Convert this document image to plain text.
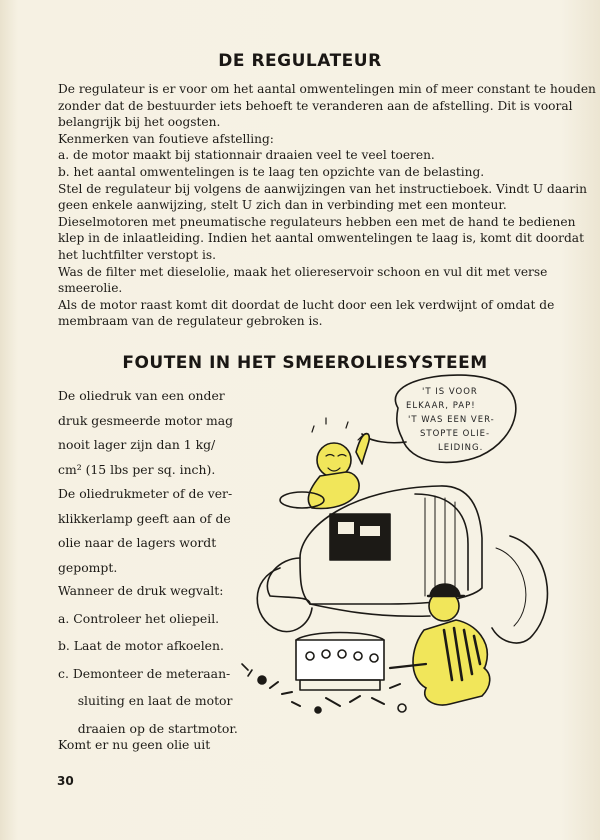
DE REGULATEUR
De regulateur is er voor om het aantal omwentelingen min of meer constant te houden
zonder dat de bestuurder iets behoeft te veranderen aan de afstelling. Dit is vooral
belangrijk bij het oogsten.
Kenmerken van foutieve afstelling:
a. de motor maakt bij stationnair draaien veel te veel toeren.
b. het aantal omwentelingen is te laag ten opzichte van de belasting.
Stel de regulateur bij volgens de aanwijzingen van het instructieboek. Vindt U daarin
geen enkele aanwijzing, stelt U zich dan in verbinding met een monteur.
Dieselmotoren met pneumatische regulateurs hebben een met de hand te bedienen
klep in de inlaatleiding. Indien het aantal omwentelingen te laag is, komt dit doordat
het luchtfilter verstopt is.
Was de filter met dieselolie, maak het oliereservoir schoon en vul dit met verse
smeerolie.
Als de motor raast komt dit doordat de lucht door een lek verdwijnt of omdat de
membraam van de regulateur gebroken is.
FOUTEN IN HET SMEEROLIESYSTEEM
De oliedruk van een onder
druk gesmeerde motor mag
nooit lager zijn dan 1 kg/
cm² (15 lbs per sq. inch).
De oliedrukmeter of de ver-
klikkerlamp geeft aan of de
olie naar de lagers wordt
gepompt.
Wanneer de druk wegvalt:
a. Controleer het oliepeil.
b. Laat de motor afkoelen.
c. Demonteer de meteraan-
sluiting en laat de motor
draaien op de startmotor.
Komt er nu geen olie uit
'T IS VOOR
ELKAAR, PAP!
'T WAS EEN VER-
STOPTE OLIE-
LEIDING.
30
